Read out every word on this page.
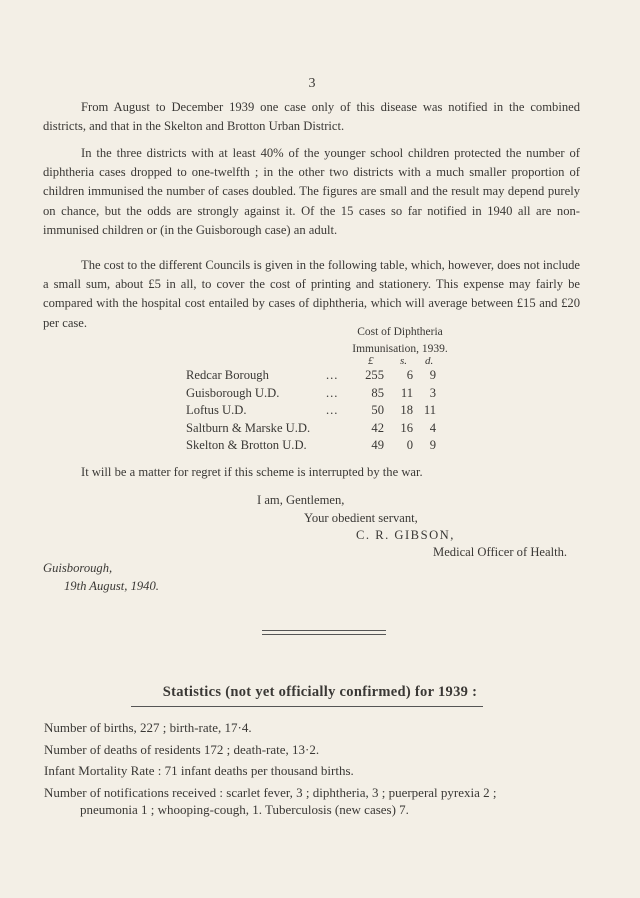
3
From August to December 1939 one case only of this disease was notified in the combined districts, and that in the Skelton and Brotton Urban District.
In the three districts with at least 40% of the younger school children protected the number of diphtheria cases dropped to one-twelfth ; in the other two districts with a much smaller proportion of children immunised the number of cases doubled. The figures are small and the result may depend purely on chance, but the odds are strongly against it. Of the 15 cases so far notified in 1940 all are non-immunised children or (in the Guisborough case) an adult.
The cost to the different Councils is given in the following table, which, however, does not include a small sum, about £5 in all, to cover the cost of printing and stationery. This expense may fairly be compared with the hospital cost entailed by cases of diphtheria, which will average between £15 and £20 per case.
Cost of Diphtheria
Immunisation, 1939.
£ s. d.
Redcar Borough	... 255 6 9
Guisborough U.D.	...	85 11 3
Loftus U.D.	...	50 18 11
Saltburn & Marske U.D.	42 16 4
Skelton & Brotton U.D.	49 0 9
It will be a matter for regret if this scheme is interrupted by the war.
I am, Gentlemen,
Your obedient servant,
C. R. GIBSON,
Medical Officer of Health.
Guisborough,
19th August, 1940.
Statistics (not yet officially confirmed) for 1939 :
Number of births, 227 ; birth-rate, 17·4.
Number of deaths of residents 172 ; death-rate, 13·2.
Infant Mortality Rate : 71 infant deaths per thousand births.
Number of notifications received : scarlet fever, 3 ; diphtheria, 3 ; puerperal pyrexia 2 ;
pneumonia 1 ; whooping-cough, 1. Tuberculosis (new cases) 7.
